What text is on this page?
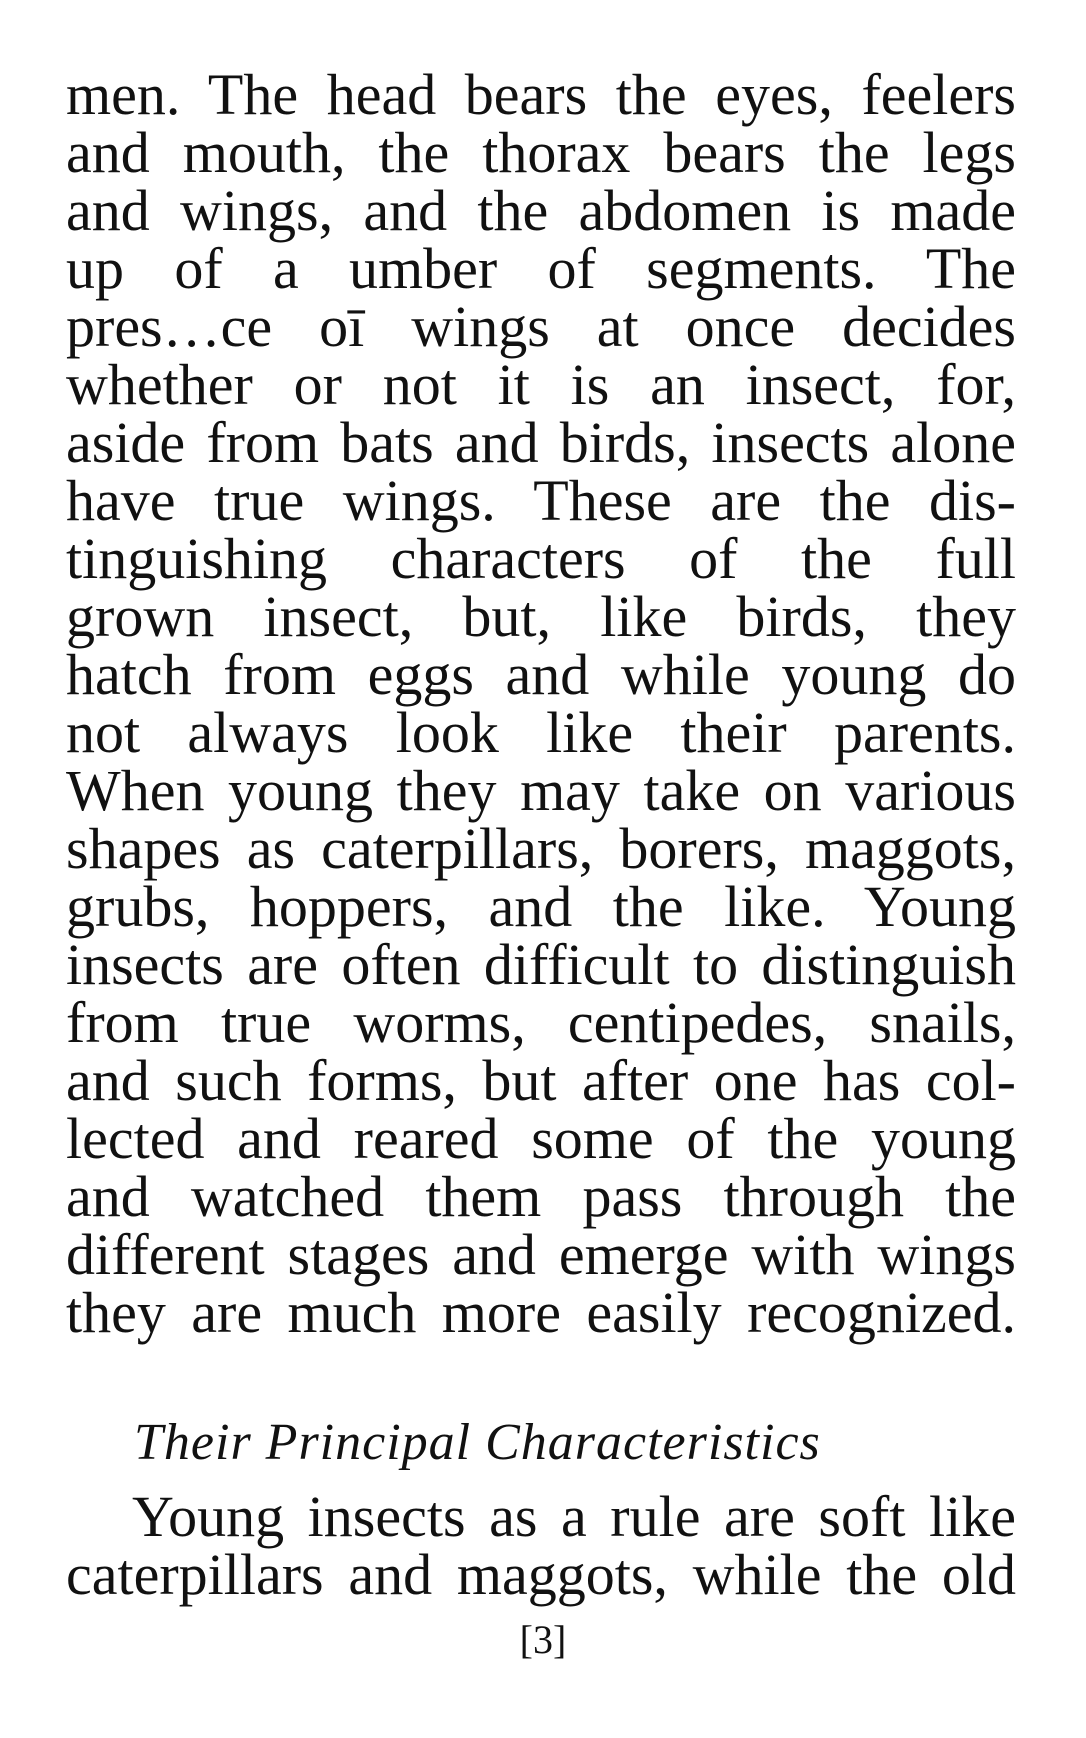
men. The head bears the eyes, feelers
and mouth, the thorax bears the legs
and wings, and the abdomen is made
up of a umber of segments. The
pres…ce oī wings at once decides
whether or not it is an insect, for,
aside from bats and birds, insects alone
have true wings. These are the dis-
tinguishing characters of the full
grown insect, but, like birds, they
hatch from eggs and while young do
not always look like their parents.
When young they may take on various
shapes as caterpillars, borers, maggots,
grubs, hoppers, and the like. Young
insects are often difficult to distinguish
from true worms, centipedes, snails,
and such forms, but after one has col-
lected and reared some of the young
and watched them pass through the
different stages and emerge with wings
they are much more easily recognized.
Their Principal Characteristics
Young insects as a rule are soft like
caterpillars and maggots, while the old
[3]
